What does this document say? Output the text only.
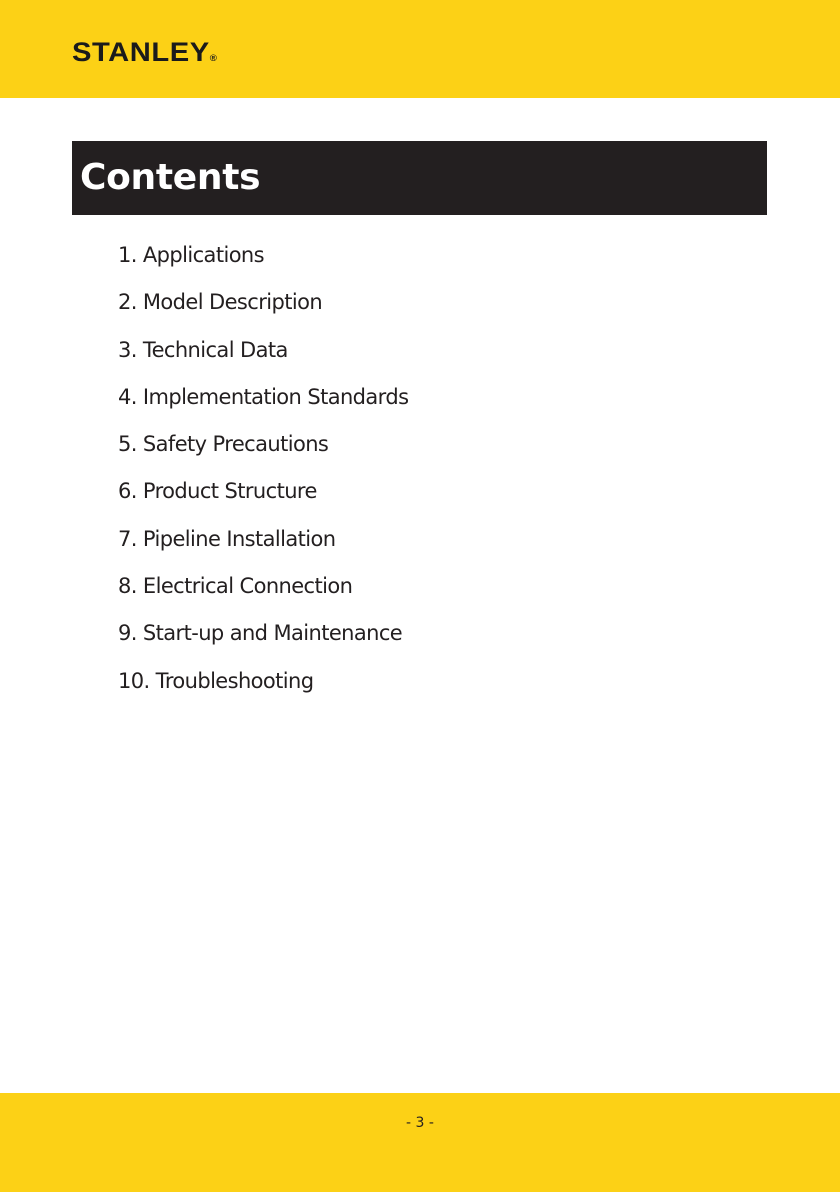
STANLEY®
Contents
1. Applications
2. Model Description
3. Technical Data
4. Implementation Standards
5. Safety Precautions
6. Product Structure
7. Pipeline Installation
8. Electrical Connection
9. Start-up and Maintenance
10. Troubleshooting
- 3 -
